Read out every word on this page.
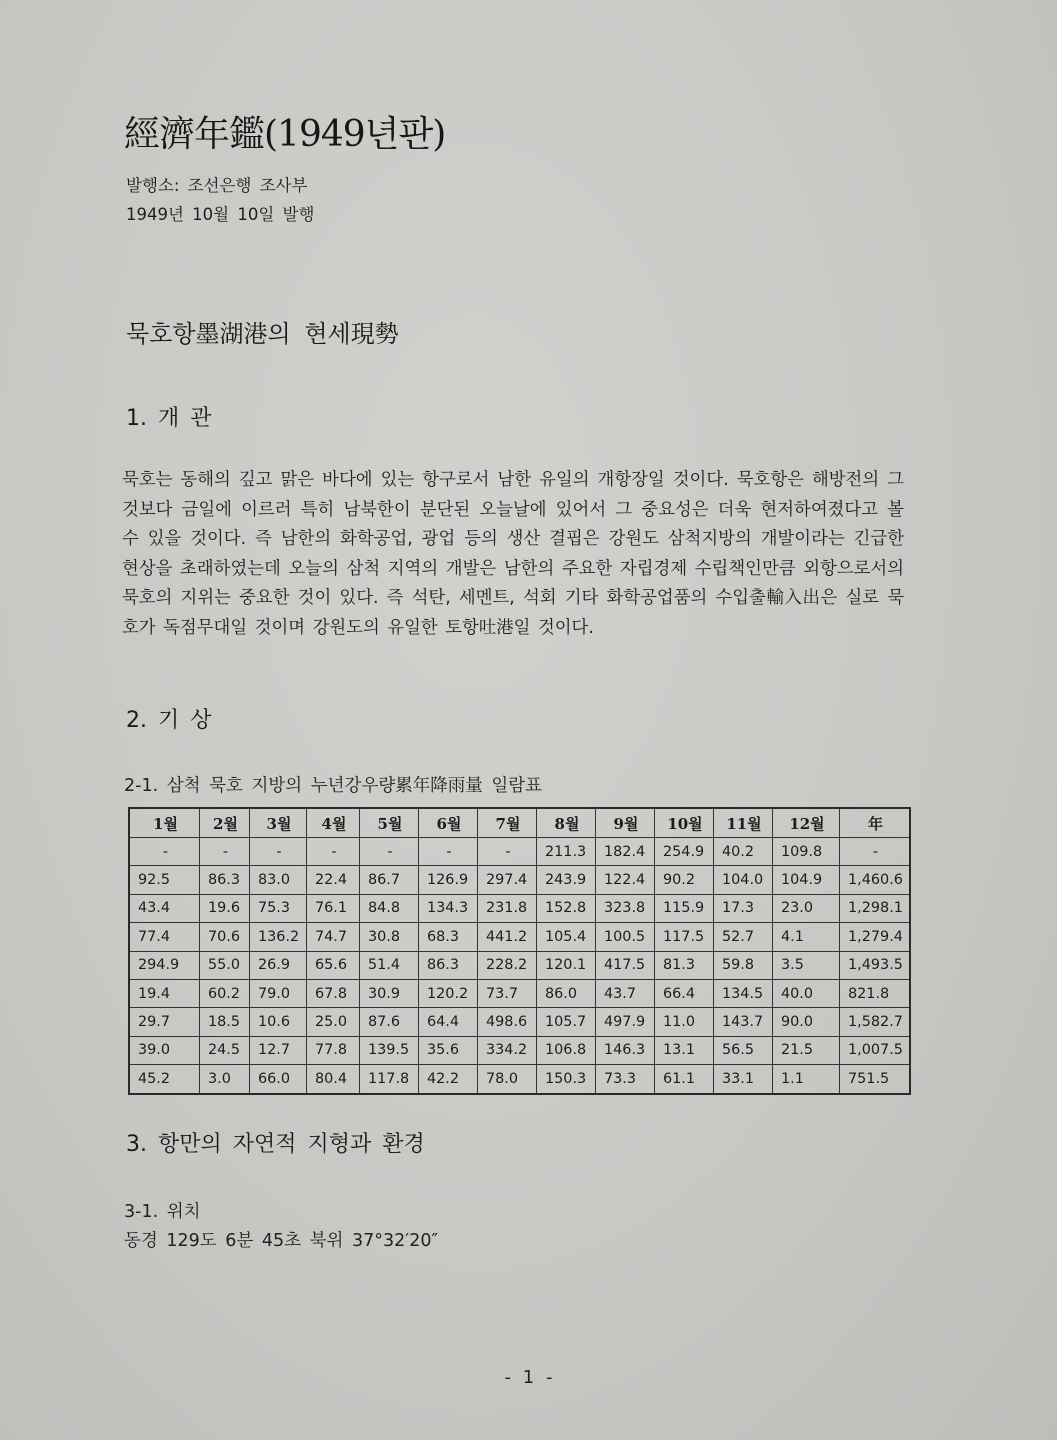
經濟年鑑(1949년판)
발행소: 조선은행 조사부
1949년 10월 10일 발행
묵호항墨湖港의 현세現勢
1. 개 관
묵호는 동해의 깊고 맑은 바다에 있는 항구로서 남한 유일의 개항장일 것이다. 묵호항은 해방전의 그것보다 금일에 이르러 특히 남북한이 분단된 오늘날에 있어서 그 중요성은 더욱 현저하여졌다고 볼 수 있을 것이다. 즉 남한의 화학공업, 광업 등의 생산 결핍은 강원도 삼척지방의 개발이라는 긴급한 현상을 초래하였는데 오늘의 삼척 지역의 개발은 남한의 주요한 자립경제 수립책인만큼 외항으로서의 묵호의 지위는 중요한 것이 있다. 즉 석탄, 세멘트, 석회 기타 화학공업품의 수입출輸入出은 실로 묵호가 독점무대일 것이며 강원도의 유일한 토항吐港일 것이다.
2. 기 상
2-1. 삼척 묵호 지방의 누년강우량累年降雨量 일람표
1월	2월	3월	4월	5월	6월	7월	8월	9월	10월	11월	12월	年
-	-	-	-	-	-	-	211.3	182.4	254.9	40.2	109.8	-
92.5	86.3	83.0	22.4	86.7	126.9	297.4	243.9	122.4	90.2	104.0	104.9	1,460.6
43.4	19.6	75.3	76.1	84.8	134.3	231.8	152.8	323.8	115.9	17.3	23.0	1,298.1
77.4	70.6	136.2	74.7	30.8	68.3	441.2	105.4	100.5	117.5	52.7	4.1	1,279.4
294.9	55.0	26.9	65.6	51.4	86.3	228.2	120.1	417.5	81.3	59.8	3.5	1,493.5
19.4	60.2	79.0	67.8	30.9	120.2	73.7	86.0	43.7	66.4	134.5	40.0	821.8
29.7	18.5	10.6	25.0	87.6	64.4	498.6	105.7	497.9	11.0	143.7	90.0	1,582.7
39.0	24.5	12.7	77.8	139.5	35.6	334.2	106.8	146.3	13.1	56.5	21.5	1,007.5
45.2	3.0	66.0	80.4	117.8	42.2	78.0	150.3	73.3	61.1	33.1	1.1	751.5
3. 항만의 자연적 지형과 환경
3-1. 위치
동경 129도 6분 45초 북위 37°32′20″
- 1 -
